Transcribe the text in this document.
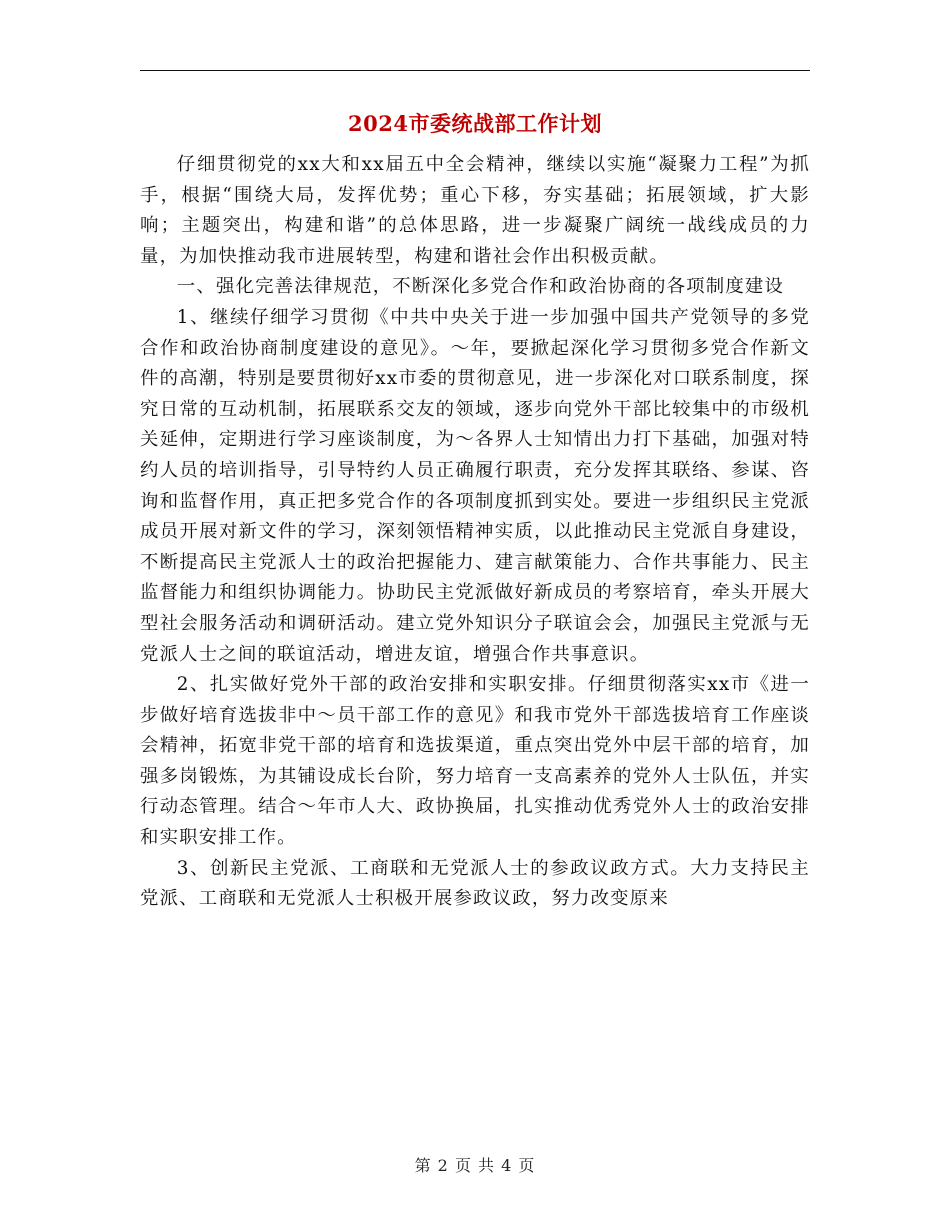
2024市委统战部工作计划

仔细贯彻党的xx大和xx届五中全会精神，继续以实施“凝聚力工程”为抓手，根据“围绕大局，发挥优势；重心下移，夯实基础；拓展领域，扩大影响；主题突出，构建和谐”的总体思路，进一步凝聚广阔统一战线成员的力量，为加快推动我市进展转型，构建和谐社会作出积极贡献。

一、强化完善法律规范，不断深化多党合作和政治协商的各项制度建设

1、继续仔细学习贯彻《中共中央关于进一步加强中国共产党领导的多党合作和政治协商制度建设的意见》。～年，要掀起深化学习贯彻多党合作新文件的高潮，特别是要贯彻好xx市委的贯彻意见，进一步深化对口联系制度，探究日常的互动机制，拓展联系交友的领域，逐步向党外干部比较集中的市级机关延伸，定期进行学习座谈制度，为～各界人士知情出力打下基础，加强对特约人员的培训指导，引导特约人员正确履行职责，充分发挥其联络、参谋、咨询和监督作用，真正把多党合作的各项制度抓到实处。要进一步组织民主党派成员开展对新文件的学习，深刻领悟精神实质，以此推动民主党派自身建设，不断提高民主党派人士的政治把握能力、建言献策能力、合作共事能力、民主监督能力和组织协调能力。协助民主党派做好新成员的考察培育，牵头开展大型社会服务活动和调研活动。建立党外知识分子联谊会会，加强民主党派与无党派人士之间的联谊活动，增进友谊，增强合作共事意识。

2、扎实做好党外干部的政治安排和实职安排。仔细贯彻落实xx市《进一步做好培育选拔非中～员干部工作的意见》和我市党外干部选拔培育工作座谈会精神，拓宽非党干部的培育和选拔渠道，重点突出党外中层干部的培育，加强多岗锻炼，为其铺设成长台阶，努力培育一支高素养的党外人士队伍，并实行动态管理。结合～年市人大、政协换届，扎实推动优秀党外人士的政治安排和实职安排工作。

3、创新民主党派、工商联和无党派人士的参政议政方式。大力支持民主党派、工商联和无党派人士积极开展参政议政，努力改变原来

第 2 页 共 4 页
